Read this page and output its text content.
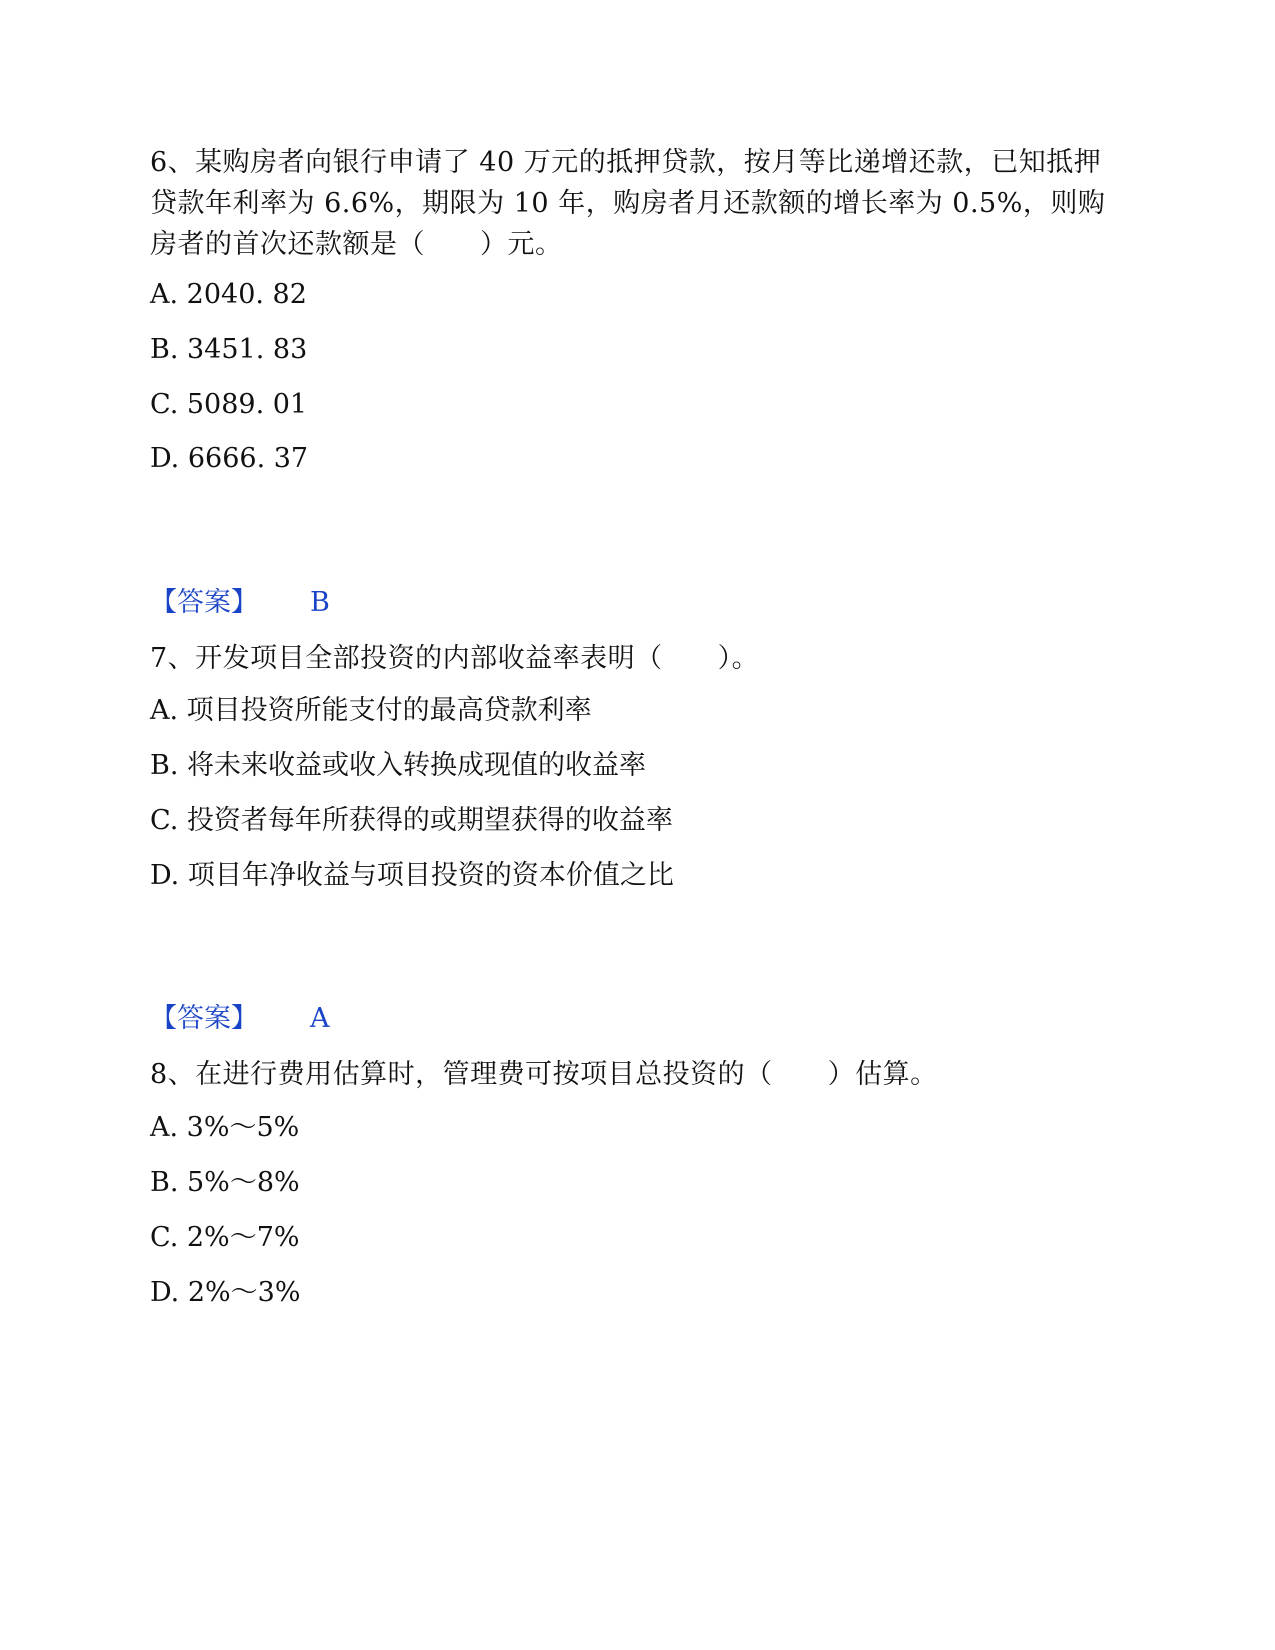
6、某购房者向银行申请了 40 万元的抵押贷款，按月等比递增还款，已知抵押贷款年利率为 6.6%，期限为 10 年，购房者月还款额的增长率为 0.5%，则购房者的首次还款额是（　　）元。
A. 2040. 82
B. 3451. 83
C. 5089. 01
D. 6666. 37
【答案】 B
7、开发项目全部投资的内部收益率表明（　　）。
A. 项目投资所能支付的最高贷款利率
B. 将未来收益或收入转换成现值的收益率
C. 投资者每年所获得的或期望获得的收益率
D. 项目年净收益与项目投资的资本价值之比
【答案】 A
8、在进行费用估算时，管理费可按项目总投资的（　　）估算。
A. 3%～5%
B. 5%～8%
C. 2%～7%
D. 2%～3%
